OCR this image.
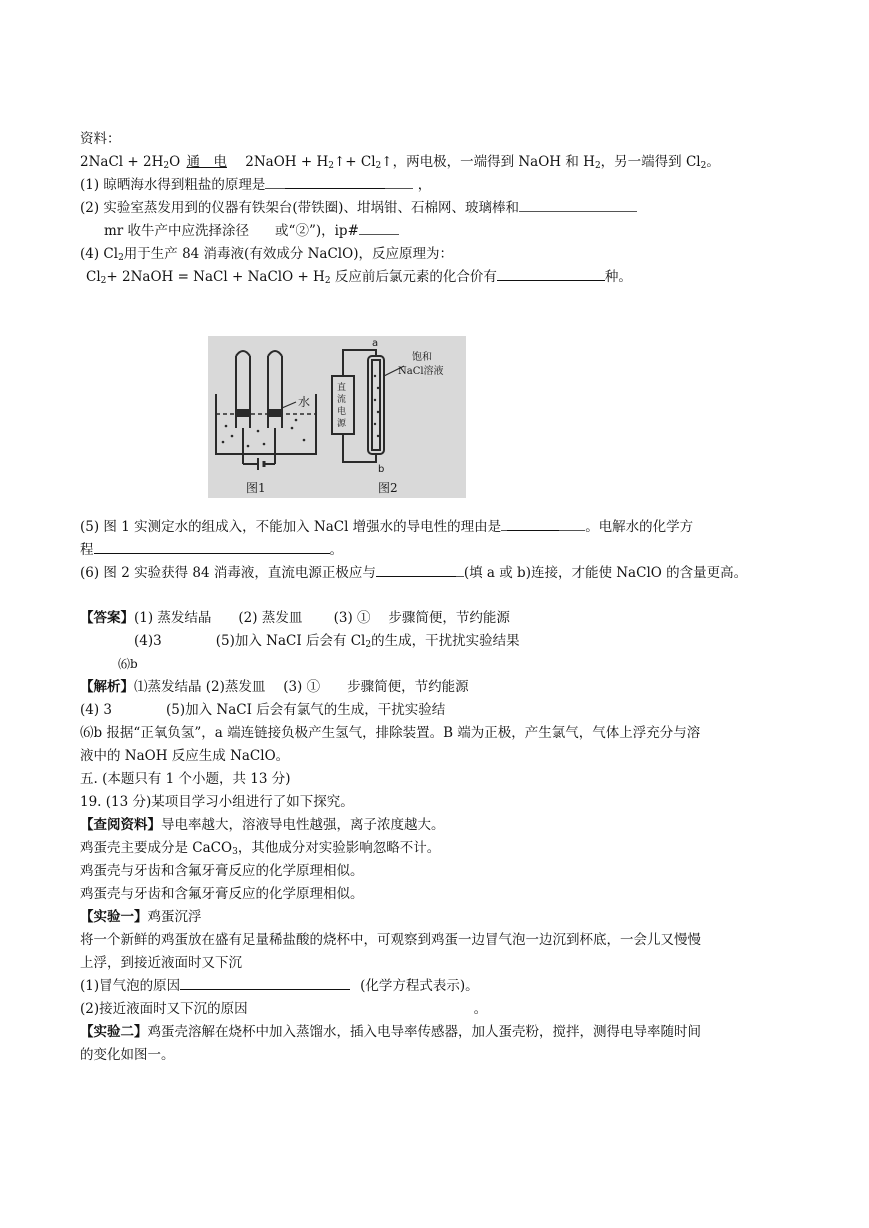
资料：
2NaCl + $2H_2O$ 通　电 2NaOH + $H_2↑+$ $Cl_2↑$，两电极，一端得到 NaOH 和 $H_2$，另一端得到 $Cl_2$。
(1) 晾晒海水得到粗盐的原理是	，
(2) 实验室蒸发用到的仪器有铁架台(带铁圈)、坩埚钳、石棉网、玻璃棒和
mr 收牛产中应洗择涂径 或“②”)，ip#
(4) $Cl_2$用于生产 84 消毒液(有效成分 NaClO)，反应原理为：
$Cl_2+$ 2NaOH = NaCl + NaClO + $H_2$ 反应前后氯元素的化合价有	种。
水
图1
直
流
电
源
a
b
饱和
NaCl溶液
图2
(5) 图 1 实测定水的组成入，不能加入 NaCl 增强水的导电性的理由是	。电解水的化学方
程	。
(6) 图 2 实验获得 84 消毒液，直流电源正极应与	(填 a 或 b)连接，才能使 NaClO 的含量更高。
【答案】(1) 蒸发结晶　　(2) 蒸发皿　　 (3) ①　 步骤简便，节约能源
(4)3　　　　(5)加入 NaCI 后会有 $Cl_2$的生成，干扰扰实验结果
⑹b
【解析】⑴蒸发结晶 (2)蒸发皿　 (3) ①　　步骤简便，节约能源
(4) 3　　　　(5)加入 NaCI 后会有氯气的生成，干扰实验结
⑹b 报据“正氧负氢”，a 端连链接负极产生氢气，排除装置。B 端为正极，产生氯气，气体上浮充分与溶
液中的 NaOH 反应生成 NaClO。
五. (本题只有 1 个小题，共 13 分)
19. (13 分)某项目学习小组进行了如下探究。
【查阅资料】导电率越大，溶液导电性越强，离子浓度越大。
鸡蛋壳主要成分是 CaCO$_3$，其他成分对实验影响忽略不计。
鸡蛋壳与牙齿和含氟牙膏反应的化学原理相似。
鸡蛋壳与牙齿和含氟牙膏反应的化学原理相似。
【实验一】鸡蛋沉浮
将一个新鲜的鸡蛋放在盛有足量稀盐酸的烧杯中，可观察到鸡蛋一边冒气泡一边沉到杯底，一会儿又慢慢
上浮，到接近液面时又下沉
(1)冒气泡的原因	(化学方程式表示)。
(2)接近液面时又下沉的原因	。
【实验二】鸡蛋壳溶解在烧杯中加入蒸馏水，插入电导率传感器，加人蛋壳粉，搅拌，测得电导率随时间
的变化如图一。
